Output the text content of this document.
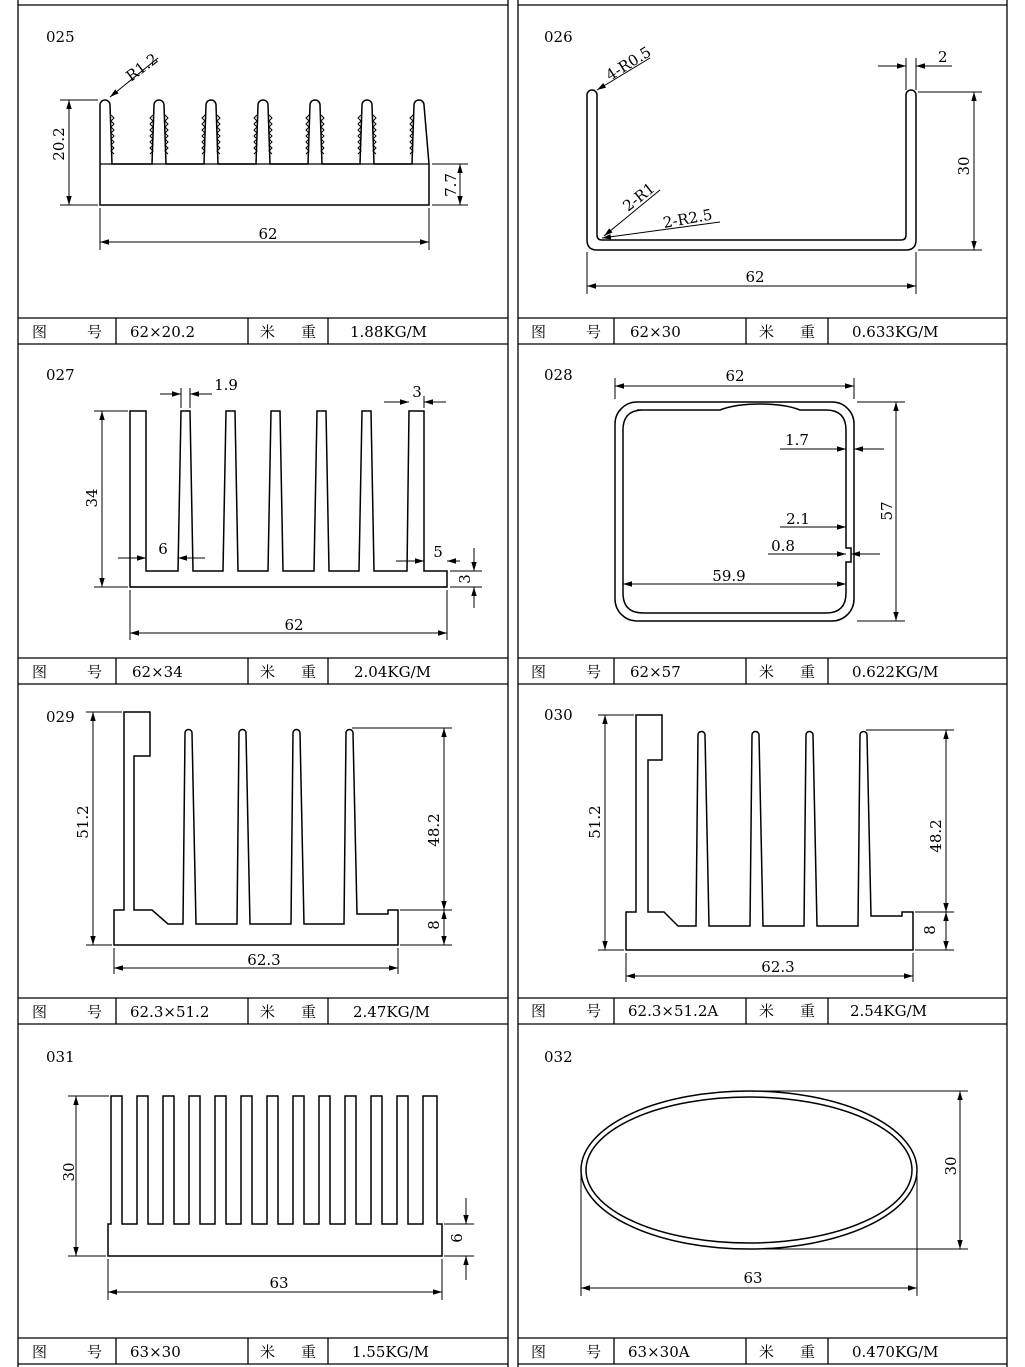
图 号 62×20.2	米 重 1.88KG/M
图 号 62×34	米 重	2.04KG/M
图 号 62.3×51.2	米 重 2.47KG/M
图 号 63×30	米 重 1.55KG/M
图 号 62×30	米 重 0.633KG/M
图 号 62×57	米 重 0.622KG/M
图 号 62.3×51.2A	米 重 2.54KG/M
图 号 63×30A	米 重 0.470KG/M
025
R1.2
20.2
7.7
62
026
4-R0.5	2
30
2-R1
2-R2.5
62
027
1.9	3
34
6	5
3
62
028	62
1.7
57
2.1
0.8
59.9
029
51.2	48.2
8
62.3
030
51.2	48.2
8
62.3
031
30
6
63
032
30
63
